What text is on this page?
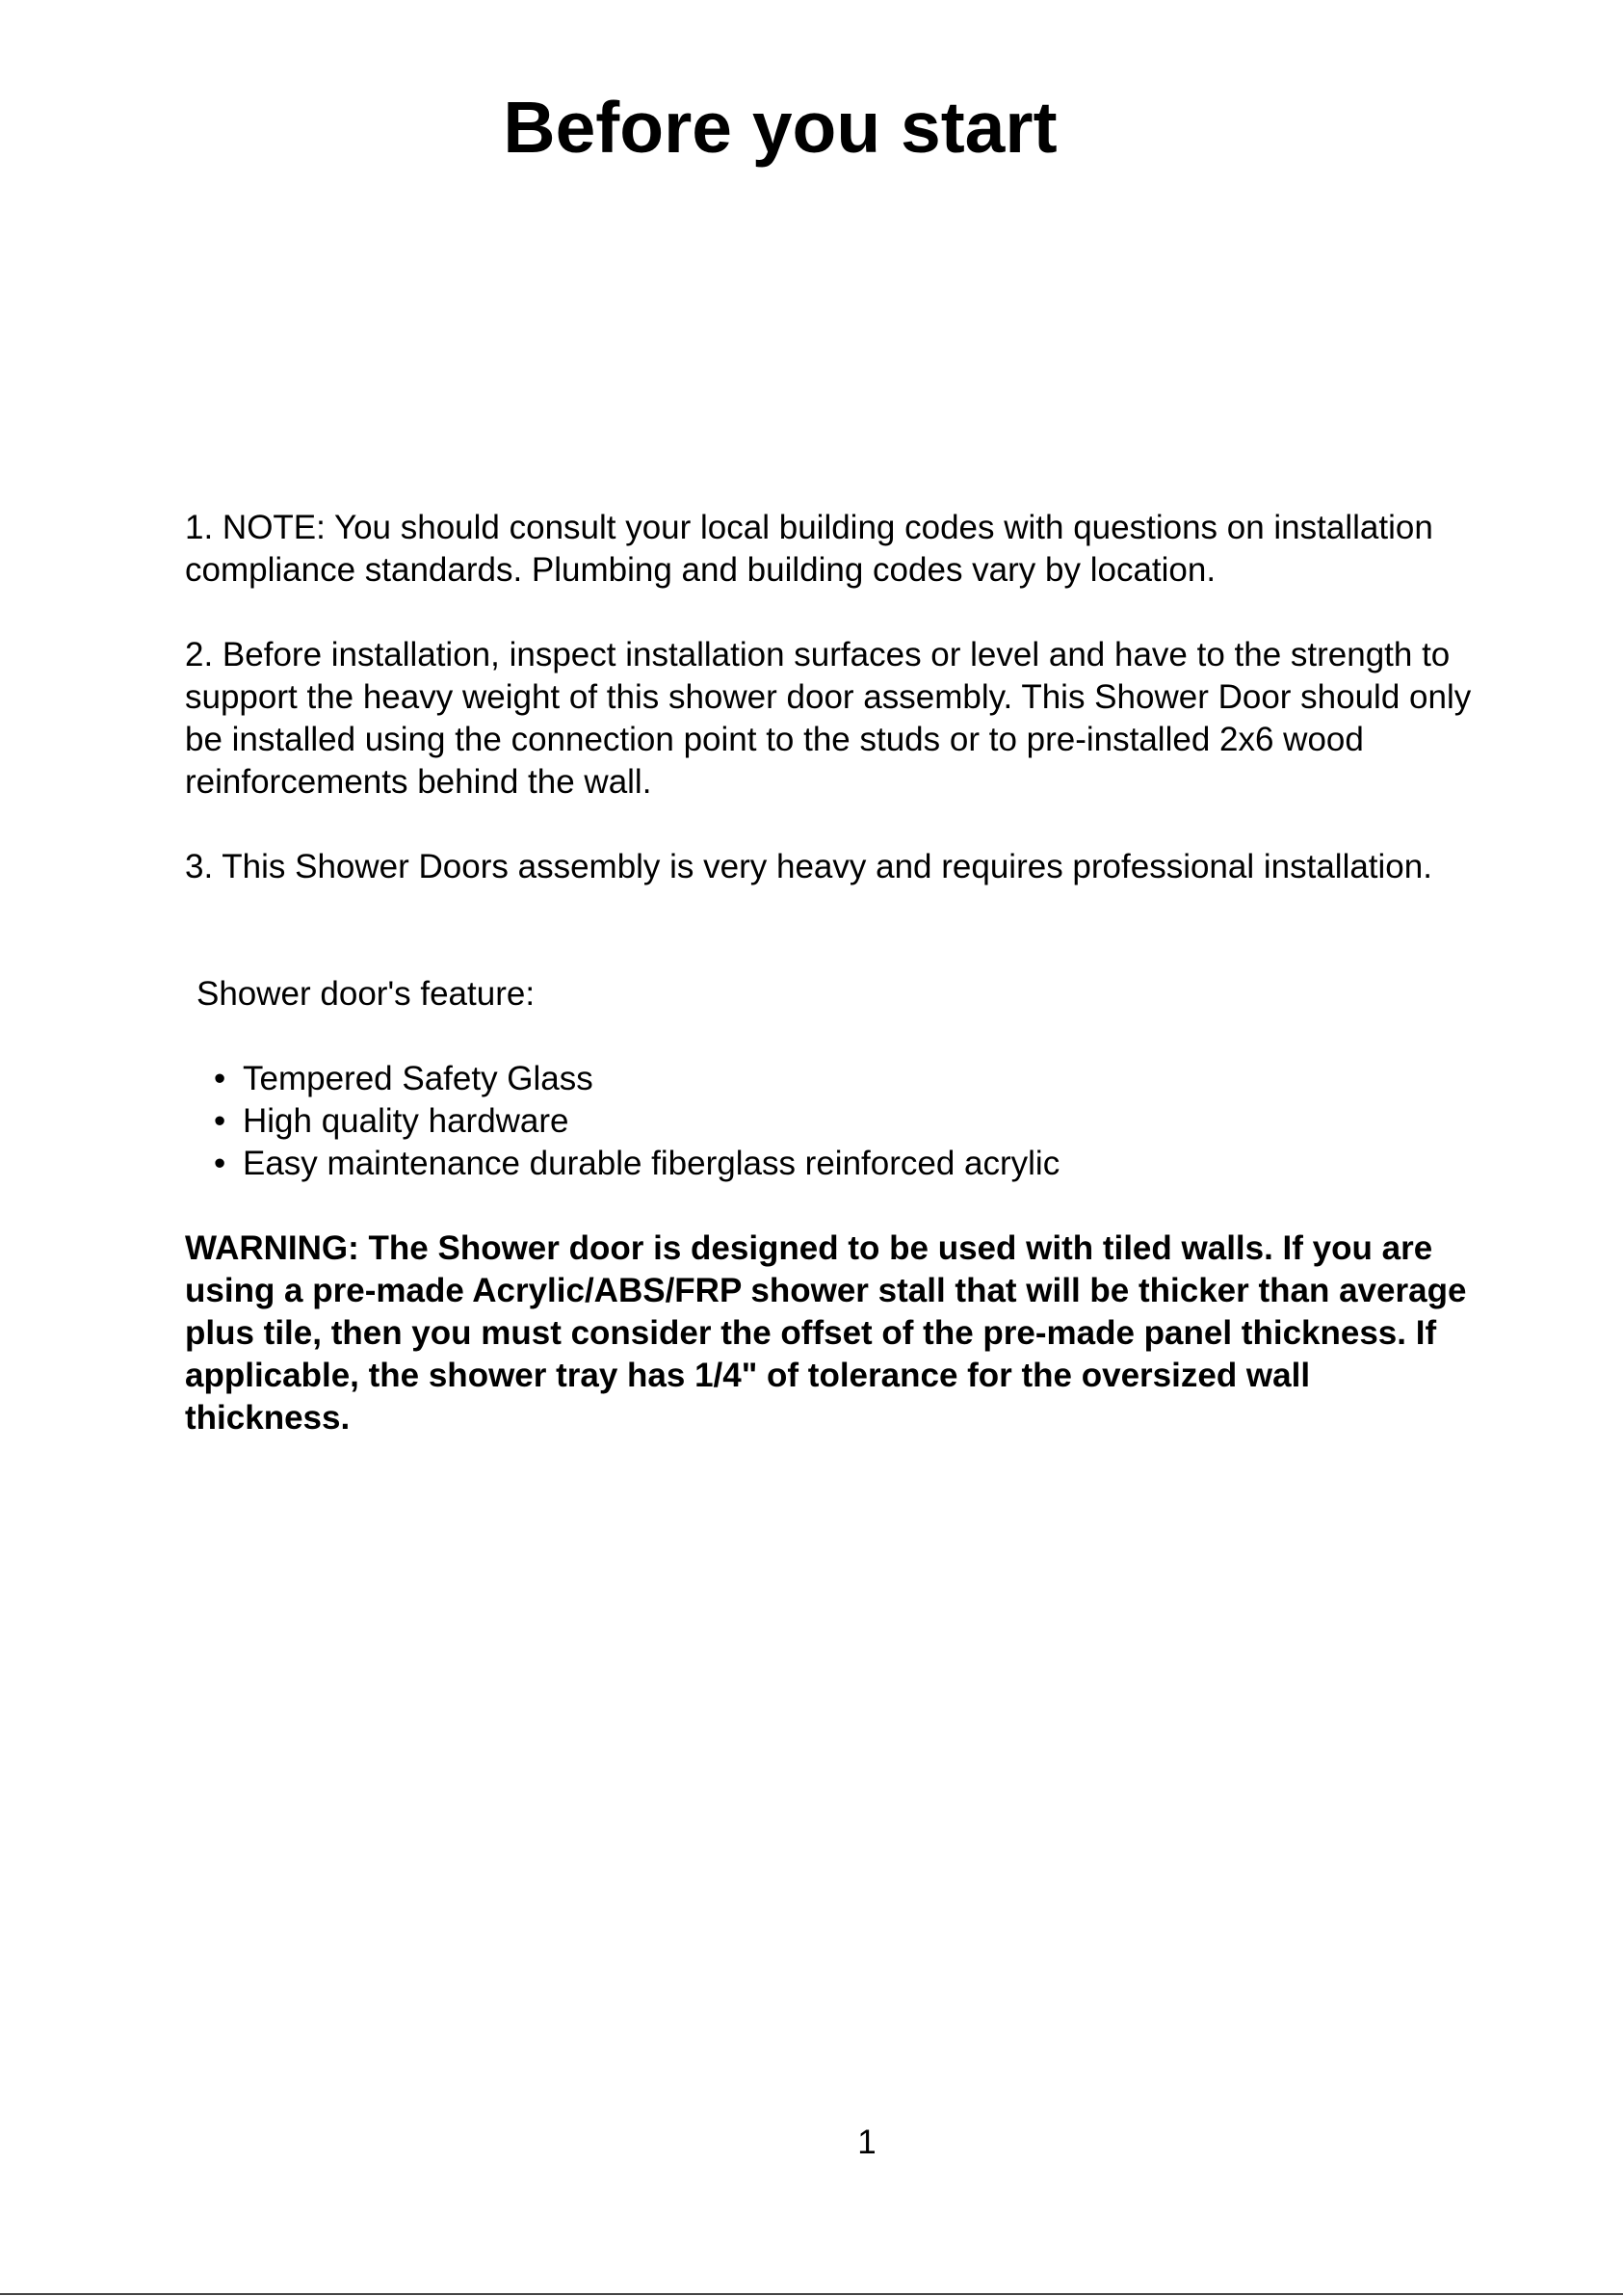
Before you start

1. NOTE: You should consult your local building codes with questions on installation compliance standards. Plumbing and building codes vary by location.

2. Before installation, inspect installation surfaces or level and have to the strength to support the heavy weight of this shower door assembly. This Shower Door should only be installed using the connection point to the studs or to pre-installed 2x6 wood reinforcements behind the wall.

3. This Shower Doors assembly is very heavy and requires professional installation.

Shower door's feature:

• Tempered Safety Glass
• High quality hardware
• Easy maintenance durable fiberglass reinforced acrylic

WARNING: The Shower door is designed to be used with tiled walls. If you are using a pre-made Acrylic/ABS/FRP shower stall that will be thicker than average plus tile, then you must consider the offset of the pre-made panel thickness. If applicable, the shower tray has 1/4" of tolerance for the oversized wall thickness.

1
